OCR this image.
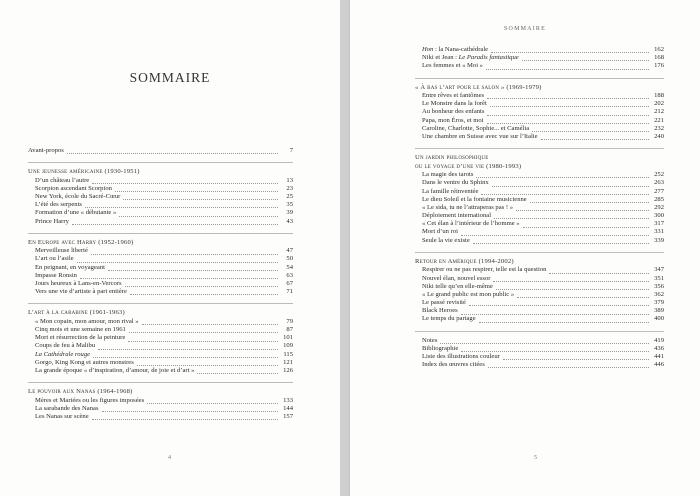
SOMMAIRE
Avant-propos	7
Une jeunesse américaine (1930-1951)
D’un château l’autre	13
Scorpion ascendant Scorpion	23
New York, école du Sacré-Cœur	25
L’été des serpents	35
Formation d’une « débutante »	39
Prince Harry	43
En Europe avec Harry (1952-1960)
Merveilleuse liberté	47
L’art ou l’asile	50
En peignant, en voyageant	54
Impasse Ronsin	63
Jours heureux à Lans-en-Vercors	67
Vers une vie d’artiste à part entière	71
L’art à la carabine (1961-1963)
« Mon copain, mon amour, mon rival »	79
Cinq mois et une semaine en 1961	87
Mort et résurrection de la peinture	101
Coups de feu à Malibu	109
La Cathédrale rouge	115
Gorgo, King Kong et autres monstres	121
La grande époque « d’inspiration, d’amour, de joie et d’art »	126
Le pouvoir aux Nanas (1964-1968)
Mères et Mariées ou les figures imposées	133
La sarabande des Nanas	144
Les Nanas sur scène	157
4
SOMMAIRE
5
Hon : la Nana-cathédrale	162
Niki et Jean : Le Paradis fantastique	168
Les femmes et « Moi »	176
« À bas l’art pour le salon » (1969-1979)
Entre rêves et fantômes	188
Le Monstre dans la forêt	202
Au bonheur des enfants	212
Papa, mon Éros, et moi	221
Caroline, Charlotte, Sophie... et Camélia	232
Une chambre en Suisse avec vue sur l’Italie	240
Un jardin philosophique
ou le voyage d’une vie (1980-1993)
La magie des tarots	252
Dans le ventre du Sphinx	263
La famille réinventée	277
Le dieu Soleil et la fontaine musicienne	285
« Le sida, tu ne l’attraperas pas ! »	292
Déploiement international	300
« Cet élan à l’intérieur de l’homme »	317
Mort d’un roi	331
Seule la vie existe	339
Retour en Amérique (1994-2002)
Respirer ou ne pas respirer, telle est la question	347
Nouvel élan, nouvel essor	351
Niki telle qu’en elle-même	356
« Le grand public est mon public »	362
Le passé revisité	379
Black Heroes	389
Le temps du partage	400
Notes	419
Bibliographie	436
Liste des illustrations couleur	441
Index des œuvres citées	446
